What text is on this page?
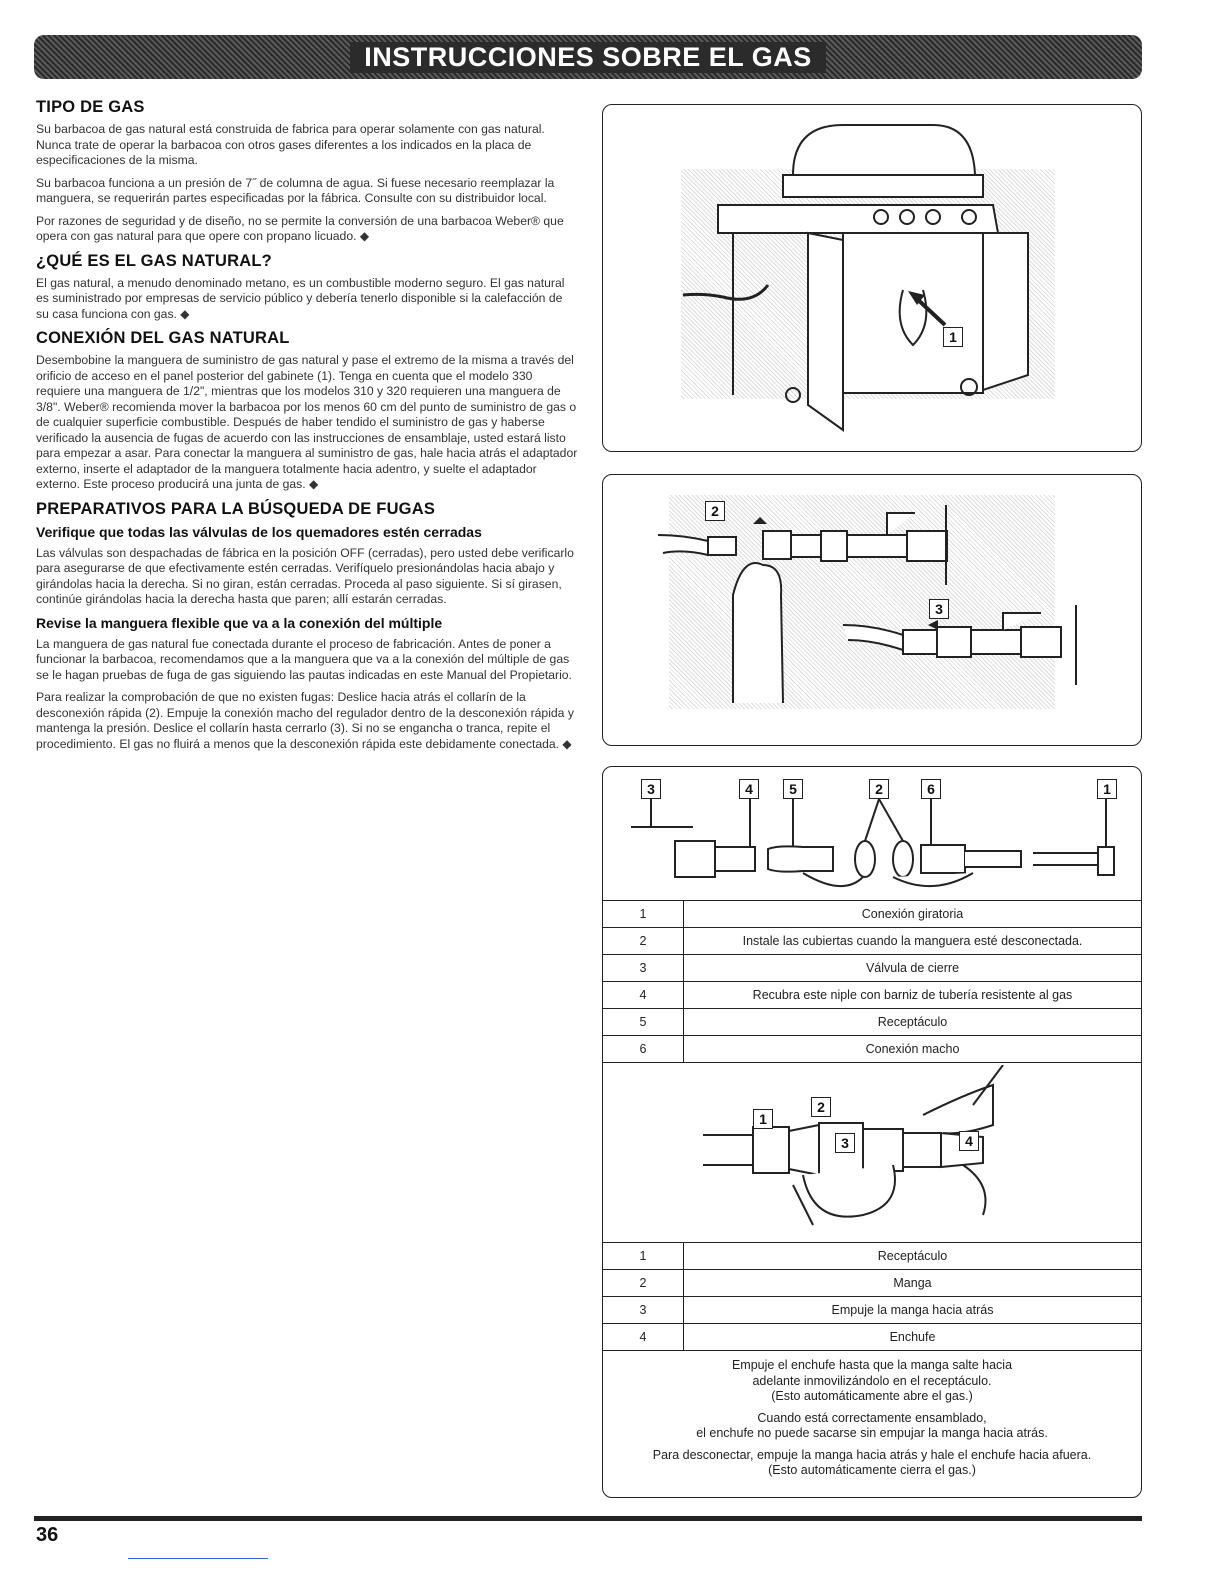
INSTRUCCIONES SOBRE EL GAS
TIPO DE GAS

Su barbacoa de gas natural está construida de fabrica para operar solamente con gas natural. Nunca trate de operar la barbacoa con otros gases diferentes a los indicados en la placa de especificaciones de la misma.

Su barbacoa funciona a un presión de 7˝ de columna de agua. Si fuese necesario reemplazar la manguera, se requerirán partes especificadas por la fábrica. Consulte con su distribuidor local.

Por razones de seguridad y de diseño, no se permite la conversión de una barbacoa Weber® que opera con gas natural para que opere con propano licuado. ◆

¿QUÉ ES EL GAS NATURAL?

El gas natural, a menudo denominado metano, es un combustible moderno seguro. El gas natural es suministrado por empresas de servicio público y debería tenerlo disponible si la calefacción de su casa funciona con gas. ◆

CONEXIÓN DEL GAS NATURAL

Desembobine la manguera de suministro de gas natural y pase el extremo de la misma a través del orificio de acceso en el panel posterior del gabinete (1). Tenga en cuenta que el modelo 330 requiere una manguera de 1/2", mientras que los modelos 310 y 320 requieren una manguera de 3/8". Weber® recomienda mover la barbacoa por los menos 60 cm del punto de suministro de gas o de cualquier superficie combustible. Después de haber tendido el suministro de gas y haberse verificado la ausencia de fugas de acuerdo con las instrucciones de ensamblaje, usted estará listo para empezar a asar. Para conectar la manguera al suministro de gas, hale hacia atrás el adaptador externo, inserte el adaptador de la manguera totalmente hacia adentro, y suelte el adaptador externo. Este proceso producirá una junta de gas. ◆

PREPARATIVOS PARA LA BÚSQUEDA DE FUGAS
Verifique que todas las válvulas de los quemadores estén cerradas

Las válvulas son despachadas de fábrica en la posición OFF (cerradas), pero usted debe verificarlo para asegurarse de que efectivamente estén cerradas. Verifíquelo presionándolas hacia abajo y girándolas hacia la derecha. Si no giran, están cerradas. Proceda al paso siguiente. Si sí girasen, continúe girándolas hacia la derecha hasta que paren; allí estarán cerradas.

Revise la manguera flexible que va a la conexión del múltiple

La manguera de gas natural fue conectada durante el proceso de fabricación. Antes de poner a funcionar la barbacoa, recomendamos que a la manguera que va a la conexión del múltiple de gas se le hagan pruebas de fuga de gas siguiendo las pautas indicadas en este Manual del Propietario.

Para realizar la comprobación de que no existen fugas: Deslice hacia atrás el collarín de la desconexión rápida (2). Empuje la conexión macho del regulador dentro de la desconexión rápida y mantenga la presión. Deslice el collarín hasta cerrarlo (3). Si no se engancha o tranca, repite el procedimiento. El gas no fluirá a menos que la desconexión rápida este debidamente conectada. ◆

1
2
3
3	4	5	2	6	1
1
2
3	4
1	Conexión giratoria
2	Instale las cubiertas cuando la manguera esté desconectada.
3	Válvula de cierre
4	Recubra este niple con barniz de tubería resistente al gas
5	Receptáculo
6	Conexión macho
1	Receptáculo
2	Manga
3	Empuje la manga hacia atrás
4	Enchufe
Empuje el enchufe hasta que la manga salte hacia
adelante inmovilizándolo en el receptáculo.
(Esto automáticamente abre el gas.)
Cuando está correctamente ensamblado,
el enchufe no puede sacarse sin empujar la manga hacia atrás.
Para desconectar, empuje la manga hacia atrás y hale el enchufe hacia afuera.
(Esto automáticamente cierra el gas.)
36
